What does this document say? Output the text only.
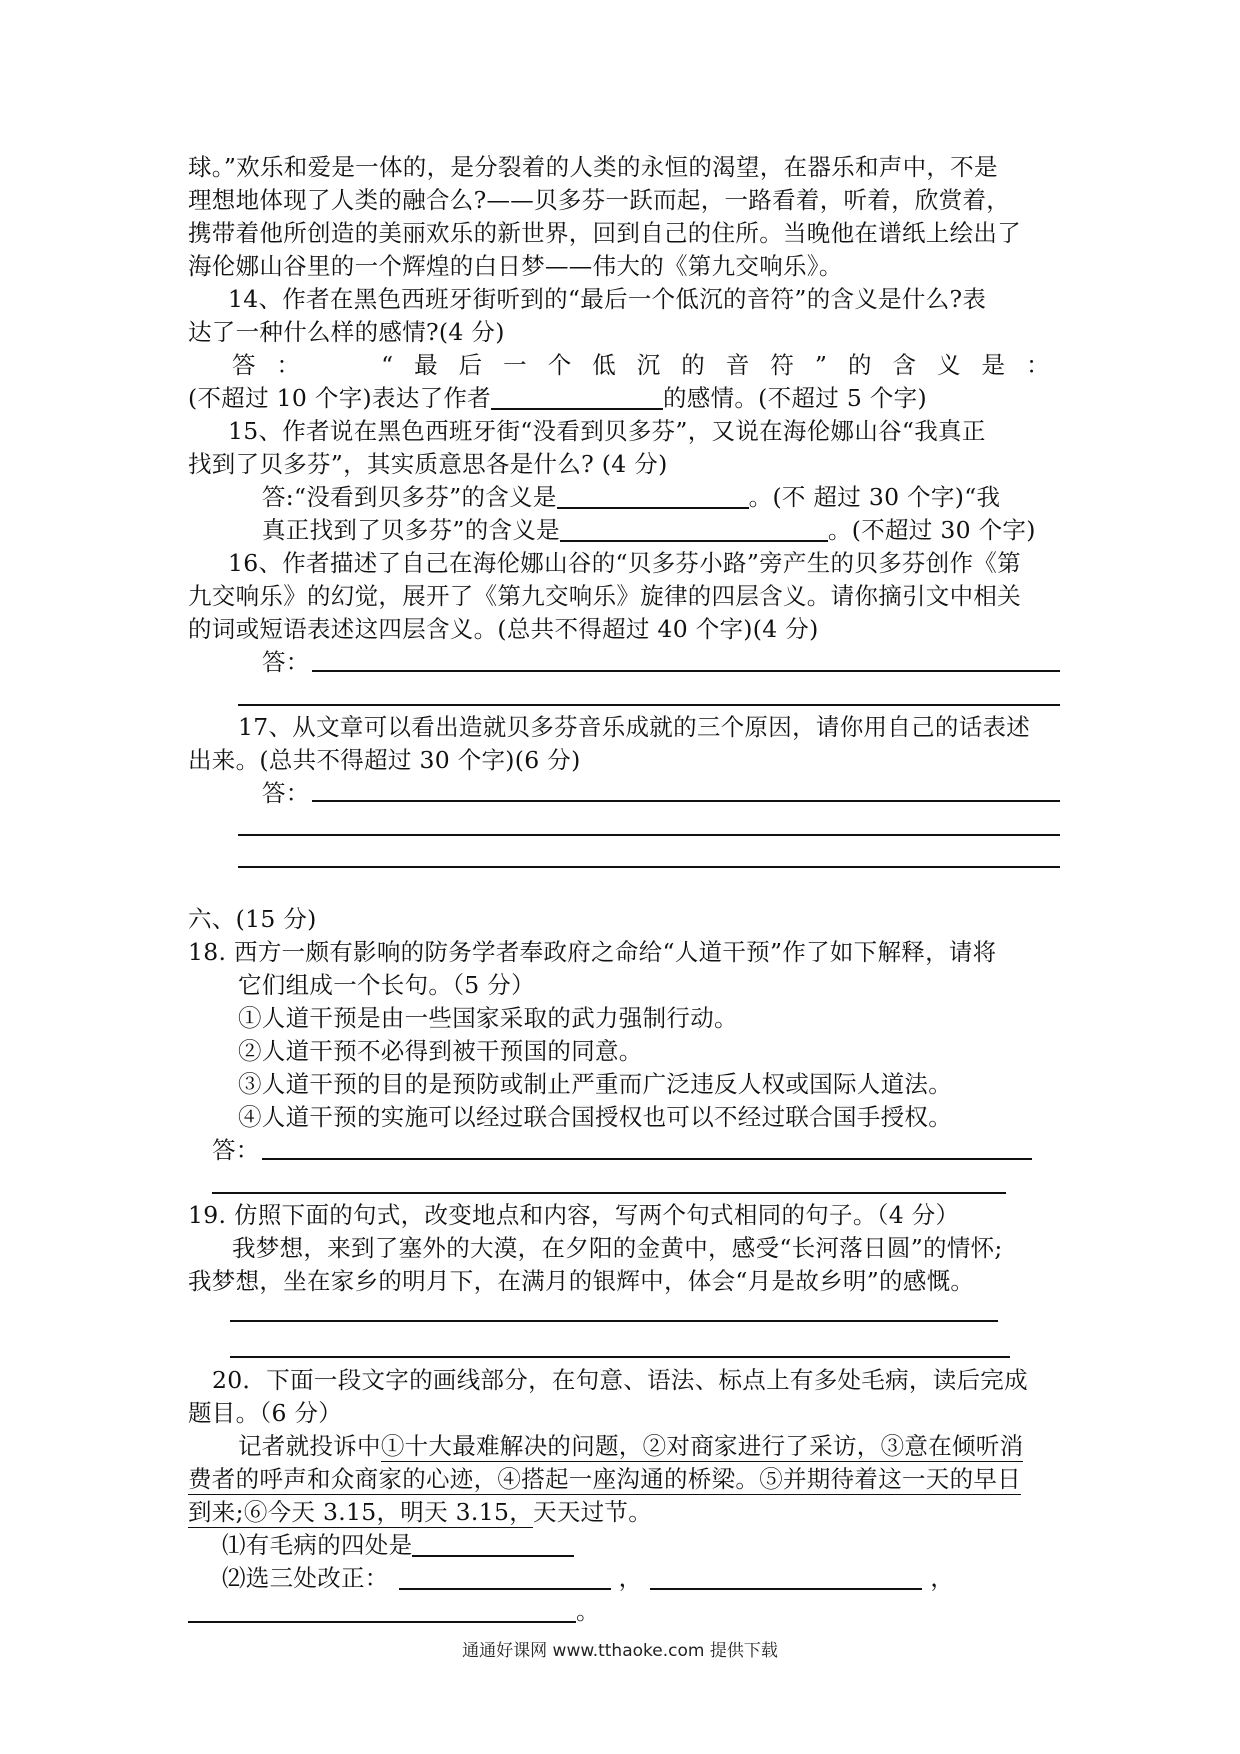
球。”欢乐和爱是一体的，是分裂着的人类的永恒的渴望，在器乐和声中，不是
理想地体现了人类的融合么?——贝多芬一跃而起，一路看着，听着，欣赏着，
携带着他所创造的美丽欢乐的新世界，回到自己的住所。当晚他在谱纸上绘出了
海伦娜山谷里的一个辉煌的白日梦——伟大的《第九交响乐》。
14、作者在黑色西班牙街听到的“最后一个低沉的音符”的含义是什么?表
达了一种什么样的感情?(4 分)
答 ：	“ 最 后 一 个 低 沉 的 音 符 ” 的 含 义 是 ：
(不超过 10 个字)表达了作者	的感情。(不超过 5 个字)
15、作者说在黑色西班牙街“没看到贝多芬”，又说在海伦娜山谷“我真正
找到了贝多芬”，其实质意思各是什么? (4 分)
答:“没看到贝多芬”的含义是	。(不 超过 30 个字)“我
真正找到了贝多芬”的含义是	。(不超过 30 个字)
16、作者描述了自己在海伦娜山谷的“贝多芬小路”旁产生的贝多芬创作《第
九交响乐》的幻觉，展开了《第九交响乐》旋律的四层含义。请你摘引文中相关
的词或短语表述这四层含义。(总共不得超过 40 个字)(4 分)
答：
17、从文章可以看出造就贝多芬音乐成就的三个原因，请你用自己的话表述
出来。(总共不得超过 30 个字)(6 分)
答：
六、(15 分)
18. 西方一颇有影响的防务学者奉政府之命给“人道干预”作了如下解释，请将
它们组成一个长句。（5 分）
①人道干预是由一些国家采取的武力强制行动。
②人道干预不必得到被干预国的同意。
③人道干预的目的是预防或制止严重而广泛违反人权或国际人道法。
④人道干预的实施可以经过联合国授权也可以不经过联合国手授权。
答：
19. 仿照下面的句式，改变地点和内容，写两个句式相同的句子。（4 分）
我梦想，来到了塞外的大漠，在夕阳的金黄中，感受“长河落日圆”的情怀;
我梦想，坐在家乡的明月下，在满月的银辉中，体会“月是故乡明”的感慨。
20．下面一段文字的画线部分，在句意、语法、标点上有多处毛病，读后完成
题目。（6 分）
记者就投诉中①十大最难解决的问题，②对商家进行了采访，③意在倾听消
费者的呼声和众商家的心迹，④搭起一座沟通的桥梁。⑤并期待着这一天的早日
到来;⑥今天 3.15，明天 3.15，天天过节。
⑴有毛病的四处是
⑵选三处改正：	，	，
。
通通好课网 www.tthaoke.com 提供下载
